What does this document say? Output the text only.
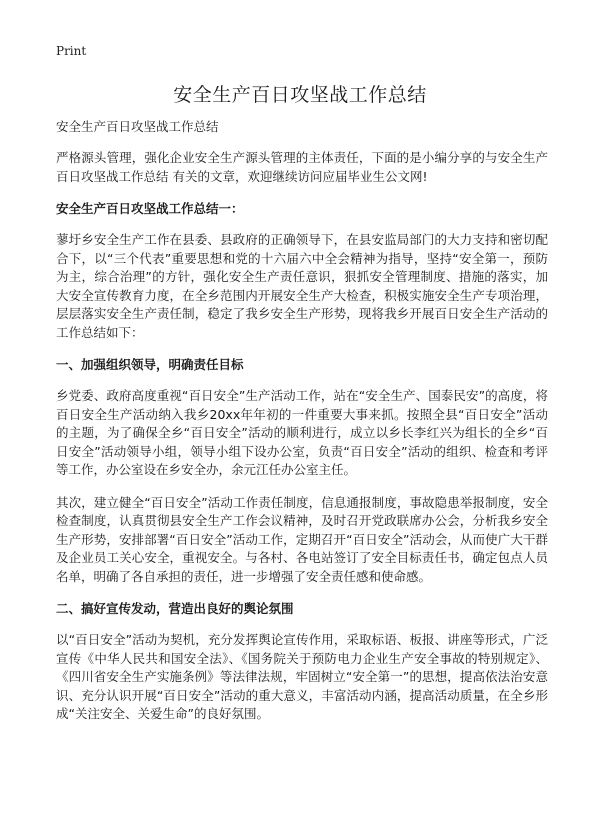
Print
安全生产百日攻坚战工作总结

安全生产百日攻坚战工作总结

严格源头管理，强化企业安全生产源头管理的主体责任，下面的是小编分享的与安全生产百日攻坚战工作总结 有关的文章，欢迎继续访问应届毕业生公文网!

安全生产百日攻坚战工作总结一：

蓼圩乡安全生产工作在县委、县政府的正确领导下，在县安监局部门的大力支持和密切配合下，以“三个代表”重要思想和党的十六届六中全会精神为指导，坚持“安全第一，预防为主，综合治理”的方针，强化安全生产责任意识，狠抓安全管理制度、措施的落实，加大安全宣传教育力度，在全乡范围内开展安全生产大检查，积极实施安全生产专项治理，层层落实安全生产责任制，稳定了我乡安全生产形势，现将我乡开展百日安全生产活动的工作总结如下：

一、加强组织领导，明确责任目标

乡党委、政府高度重视“百日安全”生产活动工作，站在“安全生产、国泰民安”的高度，将百日安全生产活动纳入我乡20xx年年初的一件重要大事来抓。按照全县“百日安全”活动的主题，为了确保全乡“百日安全”活动的顺利进行，成立以乡长李红兴为组长的全乡“百日安全”活动领导小组，领导小组下设办公室，负责“百日安全”活动的组织、检查和考评等工作，办公室设在乡安全办，余元江任办公室主任。

其次，建立健全“百日安全”活动工作责任制度，信息通报制度，事故隐患举报制度，安全检查制度，认真贯彻县安全生产工作会议精神，及时召开党政联席办公会，分析我乡安全生产形势，安排部署“百日安全”活动工作，定期召开“百日安全”活动会，从而使广大干群及企业员工关心安全，重视安全。与各村、各电站签订了安全目标责任书，确定包点人员名单，明确了各自承担的责任，进一步增强了安全责任感和使命感。

二、搞好宣传发动，营造出良好的舆论氛围

以“百日安全”活动为契机，充分发挥舆论宣传作用，采取标语、板报、讲座等形式，广泛宣传《中华人民共和国安全法》、《国务院关于预防电力企业生产安全事故的特别规定》、《四川省安全生产实施条例》等法律法规，牢固树立“安全第一”的思想，提高依法治安意识、充分认识开展“百日安全”活动的重大意义，丰富活动内涵，提高活动质量，在全乡形成“关注安全、关爱生命”的良好氛围。
